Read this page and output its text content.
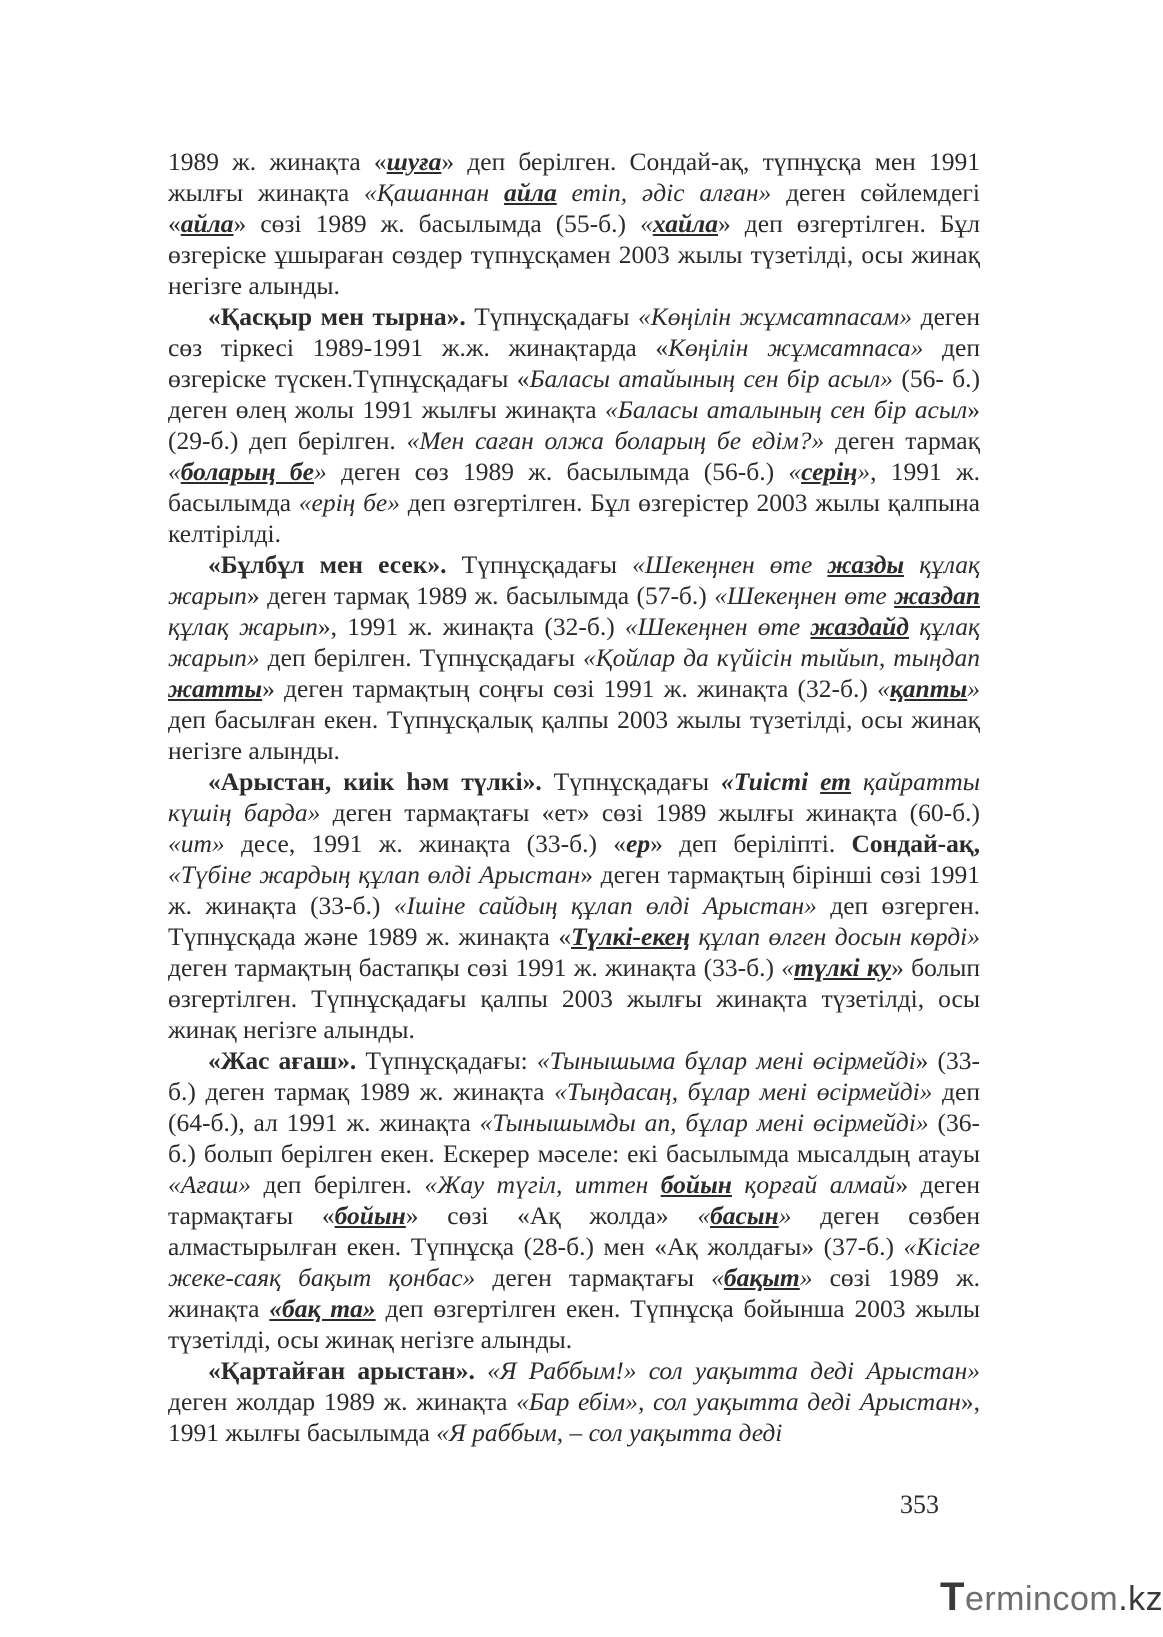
1989 ж. жинақта «шуға» деп берілген. Сондай-ақ, түпнұсқа мен 1991 жылғы жинақта «Қашаннан айла етіп, әдіс алған» деген сөйлемдегі «айла» сөзі 1989 ж. басылымда (55-б.) «хайла» деп өзгертілген. Бұл өзгеріске ұшыраған сөздер түпнұсқамен 2003 жылы түзетілді, осы жинақ негізге алынды.

«Қасқыр мен тырна». Түпнұсқадағы «Көңілін жұмсатпасам» деген сөз тіркесі 1989-1991 ж.ж. жинақтарда «Көңілін жұмсатпаса» деп өзгеріске түскен.Түпнұсқадағы «Баласы атайының сен бір асыл» (56- б.) деген өлең жолы 1991 жылғы жинақта «Баласы аталының сен бір асыл» (29-б.) деп берілген. «Мен саған олжа боларың бе едім?» деген тармақ «боларың бе» деген сөз 1989 ж. басылымда (56-б.) «серің», 1991 ж. басылымда «ерің бе» деп өзгертілген. Бұл өзгерістер 2003 жылы қалпына келтірілді.

«Бұлбұл мен есек». Түпнұсқадағы «Шекеңнен өте жазды құлақ жарып» деген тармақ 1989 ж. басылымда (57-б.) «Шекеңнен өте жаздап құлақ жарып», 1991 ж. жинақта (32-б.) «Шекеңнен өте жаздайд құлақ жарып» деп берілген. Түпнұсқадағы «Қойлар да күйісін тыйып, тыңдап жатты» деген тармақтың соңғы сөзі 1991 ж. жинақта (32-б.) «қапты» деп басылған екен. Түпнұсқалық қалпы 2003 жылы түзетілді, осы жинақ негізге алынды.

«Арыстан, киік һәм түлкі». Түпнұсқадағы «Тиісті ет қайратты күшің барда» деген тармақтағы «ет» сөзі 1989 жылғы жинақта (60-б.) «ит» десе, 1991 ж. жинақта (33-б.) «ер» деп беріліпті. Сондай-ақ, «Түбіне жардың құлап өлді Арыстан» деген тармақтың бірінші сөзі 1991 ж. жинақта (33-б.) «Ішіне сайдың құлап өлді Арыстан» деп өзгерген. Түпнұсқада және 1989 ж. жинақта «Түлкі-екең құлап өлген досын көрді» деген тармақтың бастапқы сөзі 1991 ж. жинақта (33-б.) «түлкі ку» болып өзгертілген. Түпнұсқадағы қалпы 2003 жылғы жинақта түзетілді, осы жинақ негізге алынды.

«Жас ағаш». Түпнұсқадағы: «Тынышыма бұлар мені өсірмейді» (33-б.) деген тармақ 1989 ж. жинақта «Тыңдасаң, бұлар мені өсірмейді» деп (64-б.), ал 1991 ж. жинақта «Тынышымды ап, бұлар мені өсірмейді» (36-б.) болып берілген екен. Ескерер мәселе: екі басылымда мысалдың атауы «Ағаш» деп берілген. «Жау түгіл, иттен бойын қорғай алмай» деген тармақтағы «бойын» сөзі «Ақ жолда» «басын» деген сөзбен алмастырылған екен. Түпнұсқа (28-б.) мен «Ақ жолдағы» (37-б.) «Кісіге жеке-саяқ бақыт қонбас» деген тармақтағы «бақыт» сөзі 1989 ж. жинақта «бақ та» деп өзгертілген екен. Түпнұсқа бойынша 2003 жылы түзетілді, осы жинақ негізге алынды.

«Қартайған арыстан». «Я Раббым!» сол уақытта деді Арыстан» деген жолдар 1989 ж. жинақта «Бар ебім», сол уақытта деді Арыстан», 1991 жылғы басылымда «Я раббым, – сол уақытта деді

353
Termincom.kz
